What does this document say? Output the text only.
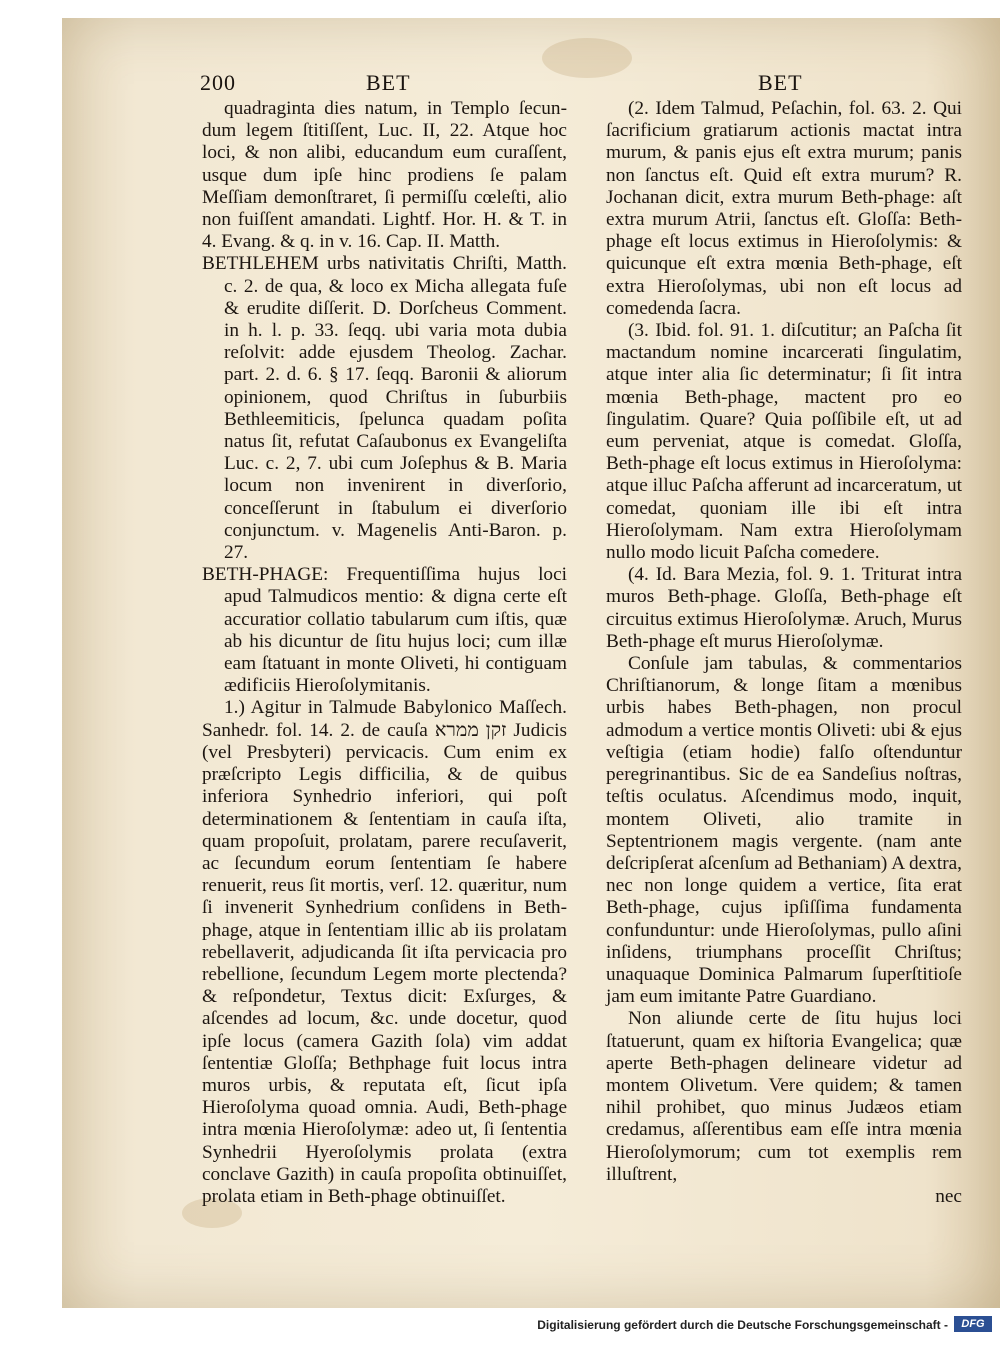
200	BET	BET

quadraginta dies natum, in Templo ſecun-dum legem ſtitiſſent, Luc. II, 22. Atque hoc loci, & non alibi, educandum eum curaſſent, usque dum ipſe hinc prodiens ſe palam Meſſiam demonſtraret, ſi permiſſu cœleſti, alio non fuiſſent amandati. Lightf. Hor. H. & T. in 4. Evang. & q. in v. 16. Cap. II. Matth.

BETHLEHEM urbs nativitatis Chriſti, Matth. c. 2. de qua, & loco ex Micha allegata fuſe & erudite diſſerit. D. Dorſcheus Comment. in h. l. p. 33. ſeqq. ubi varia mota dubia reſolvit: adde ejusdem Theolog. Zachar. part. 2. d. 6. § 17. ſeqq. Baronii & aliorum opinionem, quod Chriſtus in ſuburbiis Bethleemiticis, ſpelunca quadam poſita natus ſit, refutat Caſaubonus ex Evangeliſta Luc. c. 2, 7. ubi cum Joſephus & B. Maria locum non invenirent in diverſorio, conceſſerunt in ſtabulum ei diverſorio conjunctum. v. Magenelis Anti-Baron. p. 27.

BETH-PHAGE: Frequentiſſima hujus loci apud Talmudicos mentio: & digna certe eſt accuratior collatio tabularum cum iſtis, quæ ab his dicuntur de ſitu hujus loci; cum illæ eam ſtatuant in monte Oliveti, hi contiguam ædificiis Hieroſolymitanis.

1.) Agitur in Talmude Babylonico Maſſech. Sanhedr. fol. 14. 2. de cauſa זקן ממרא Judicis (vel Presbyteri) pervicacis. Cum enim ex præſcripto Legis difficilia, & de quibus inferiora Synhedrio inferiori, qui poſt determinationem & ſententiam in cauſa iſta, quam propoſuit, prolatam, parere recuſaverit, ac ſecundum eorum ſententiam ſe habere renuerit, reus ſit mortis, verſ. 12. quæritur, num ſi invenerit Synhedrium conſidens in Beth-phage, atque in ſententiam illic ab iis prolatam rebellaverit, adjudicanda ſit iſta pervicacia pro rebellione, ſecundum Legem morte plectenda? & reſpondetur, Textus dicit: Exſurges, & aſcendes ad locum, &c. unde docetur, quod ipſe locus (camera Gazith ſola) vim addat ſententiæ Gloſſa; Bethphage fuit locus intra muros urbis, & reputata eſt, ſicut ipſa Hieroſolyma quoad omnia. Audi, Beth-phage intra mœnia Hieroſolymæ: adeo ut, ſi ſententia Synhedrii Hyeroſolymis prolata (extra conclave Gazith) in cauſa propoſita obtinuiſſet, prolata etiam in Beth-phage obtinuiſſet.

(2. Idem Talmud, Peſachin, fol. 63. 2. Qui ſacrificium gratiarum actionis mactat intra murum, & panis ejus eſt extra murum; panis non ſanctus eſt. Quid eſt extra murum? R. Jochanan dicit, extra murum Beth-phage: aſt extra murum Atrii, ſanctus eſt. Gloſſa: Beth-phage eſt locus extimus in Hieroſolymis: & quicunque eſt extra mœnia Beth-phage, eſt extra Hieroſolymas, ubi non eſt locus ad comedenda ſacra.

(3. Ibid. fol. 91. 1. diſcutitur; an Paſcha ſit mactandum nomine incarcerati ſingulatim, atque inter alia ſic determinatur; ſi ſit intra mœnia Beth-phage, mactent pro eo ſingulatim. Quare? Quia poſſibile eſt, ut ad eum perveniat, atque is comedat. Gloſſa, Beth-phage eſt locus extimus in Hieroſolyma: atque illuc Paſcha afferunt ad incarceratum, ut comedat, quoniam ille ibi eſt intra Hieroſolymam. Nam extra Hieroſolymam nullo modo licuit Paſcha comedere.

(4. Id. Bara Mezia, fol. 9. 1. Triturat intra muros Beth-phage. Gloſſa, Beth-phage eſt circuitus extimus Hieroſolymæ. Aruch, Murus Beth-phage eſt murus Hieroſolymæ.

Conſule jam tabulas, & commentarios Chriſtianorum, & longe ſitam a mœnibus urbis habes Beth-phagen, non procul admodum a vertice montis Oliveti: ubi & ejus veſtigia (etiam hodie) falſo oſtenduntur peregrinantibus. Sic de ea Sandeſius noſtras, teſtis oculatus. Aſcendimus modo, inquit, montem Oliveti, alio tramite in Septentrionem magis vergente. (nam ante deſcripſerat aſcenſum ad Bethaniam) A dextra, nec non longe quidem a vertice, ſita erat Beth-phage, cujus ipſiſſima fundamenta confunduntur: unde Hieroſolymas, pullo aſini inſidens, triumphans proceſſit Chriſtus; unaquaque Dominica Palmarum ſuperſtitioſe jam eum imitante Patre Guardiano.

Non aliunde certe de ſitu hujus loci ſtatuerunt, quam ex hiſtoria Evangelica; quæ aperte Beth-phagen delineare videtur ad montem Olivetum. Vere quidem; & tamen nihil prohibet, quo minus Judæos etiam credamus, aſſerentibus eam eſſe intra mœnia Hieroſolymorum; cum tot exemplis rem illuſtrent,

nec

Digitalisierung gefördert durch die Deutsche Forschungsgemeinschaft -	DFG
